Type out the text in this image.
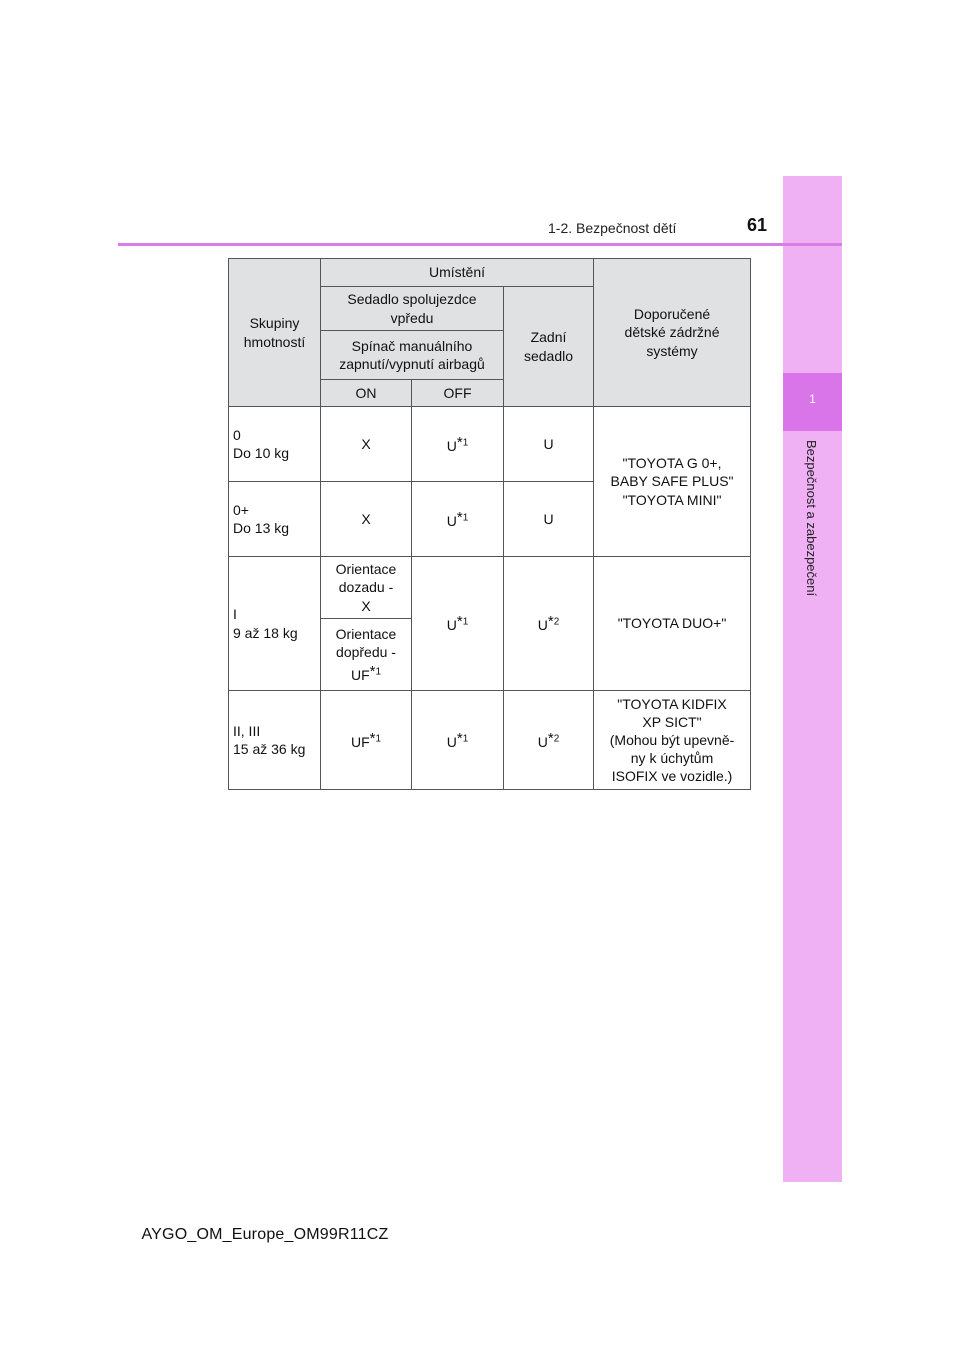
1
Bezpečnost a zabezpečení
1-2. Bezpečnost dětí	61
Skupiny
hmotností	Umístění			Doporučené
dětské zádržné
systémy
	Sedadlo spolujezdce
vpředu		Zadní
sedadlo	
	Spínač manuálního
zapnutí/vypnutí airbagů			
	ON	OFF		
0
Do 10 kg	X	U*$^1$	U	"TOYOTA G 0+,
BABY SAFE PLUS"
"TOYOTA MINI"
0+
Do 13 kg	X	U*$^1$	U	
I
9 až 18 kg	Orientace
dozadu -
X	U*$^1$	U*$^2$	"TOYOTA DUO+"
	Orientace
dopředu -
UF*$^1$
II, III
15 až 36 kg	UF*$^1$	U*$^1$	U*$^2$	"TOYOTA KIDFIX
XP SICT"
(Mohou být upevně-
ny k úchytům
ISOFIX ve vozidle.)
AYGO_OM_Europe_OM99R11CZ
